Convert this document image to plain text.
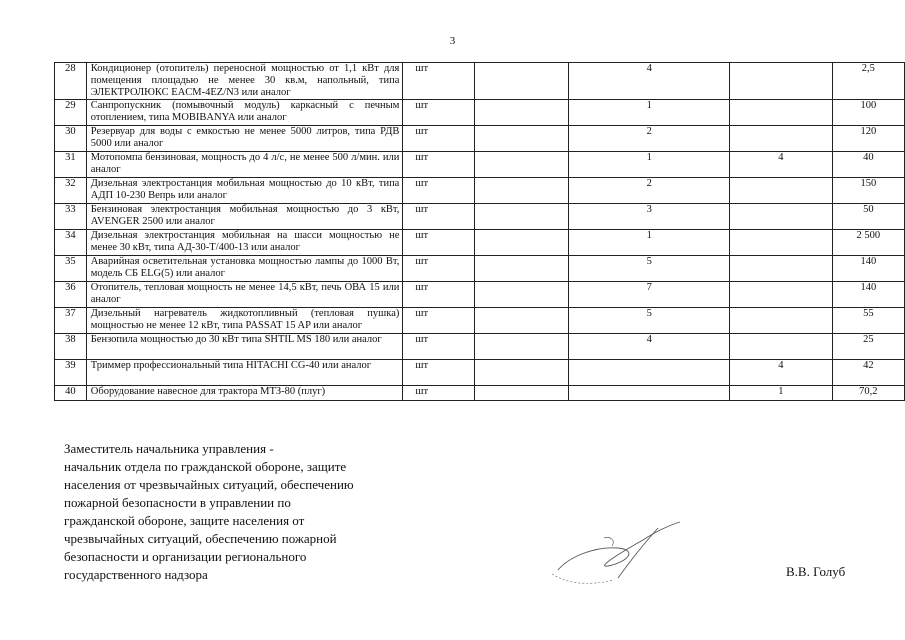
3
28	Кондиционер (отопитель) переносной мощностью от 1,1 кВт для помещения площадью не менее 30 кв.м, напольный, типа ЭЛЕКТРОЛЮКС EACM-4EZ/N3 или аналог	шт		4		2,5
29	Санпропускник (помывочный модуль) каркасный с печным отоплением, типа MOBIBANYA или аналог	шт		1		100
30	Резервуар для воды с емкостью не менее 5000 литров, типа РДВ 5000 или аналог	шт		2		120
31	Мотопомпа бензиновая, мощность до 4 л/с, не менее 500 л/мин. или аналог	шт		1	4	40
32	Дизельная электростанция мобильная мощностью до 10 кВт, типа АДП 10-230 Вепрь или аналог	шт		2		150
33	Бензиновая электростанция мобильная мощностью до 3 кВт, AVENGER 2500 или аналог	шт		3		50
34	Дизельная электростанция мобильная на шасси мощностью не менее 30 кВт, типа АД-30-Т/400-13 или аналог	шт		1		2 500
35	Аварийная осветительная установка мощностью лампы до 1000 Вт, модель СБ ELG(5) или аналог	шт		5		140
36	Отопитель, тепловая мощность не менее 14,5 кВт, печь ОВА 15 или аналог	шт		7		140
37	Дизельный нагреватель жидкотопливный (тепловая пушка) мощностью не менее 12 кВт, типа PASSAT 15 AP или аналог	шт		5		55
38	Бензопила мощностью до 30 кВт типа SHTIL MS 180 или аналог	шт		4		25
39	Триммер профессиональный типа HITACHI CG-40 или аналог	шт			4	42
40	Оборудование навесное для трактора МТЗ-80 (плуг)	шт			1	70,2
Заместитель начальника управления -
начальник отдела по гражданской обороне, защите
населения от чрезвычайных ситуаций, обеспечению
пожарной безопасности в управлении по
гражданской обороне, защите населения от
чрезвычайных ситуаций, обеспечению пожарной
безопасности и организации регионального
государственного надзора	В.В. Голуб
